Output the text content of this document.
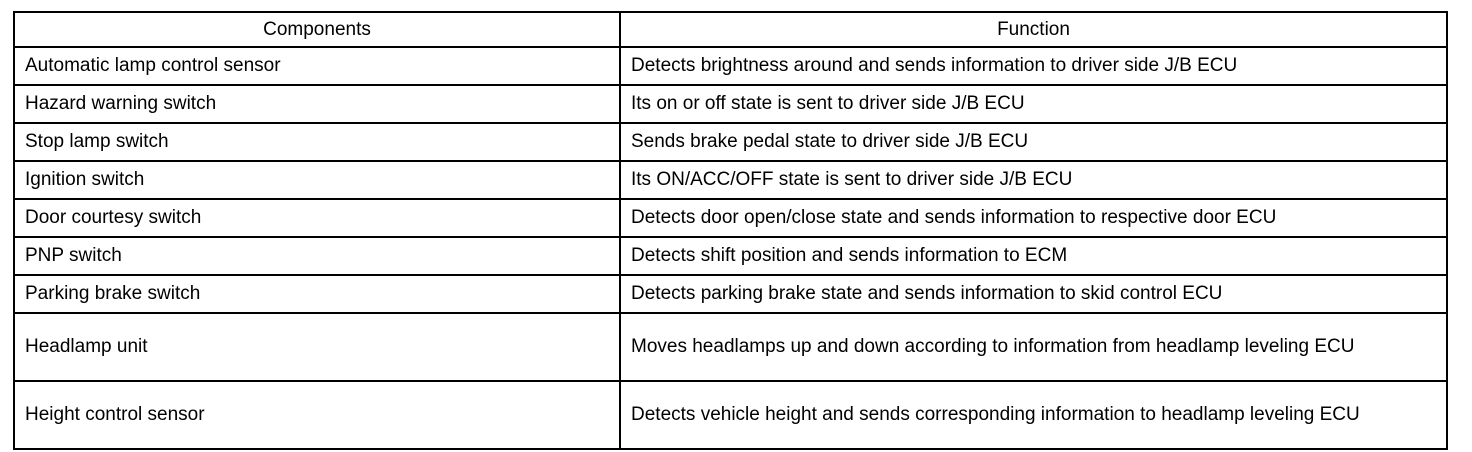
Components	Function
Automatic lamp control sensor	Detects brightness around and sends information to driver side J/B ECU
Hazard warning switch	Its on or off state is sent to driver side J/B ECU
Stop lamp switch	Sends brake pedal state to driver side J/B ECU
Ignition switch	Its ON/ACC/OFF state is sent to driver side J/B ECU
Door courtesy switch	Detects door open/close state and sends information to respective door ECU
PNP switch	Detects shift position and sends information to ECM
Parking brake switch	Detects parking brake state and sends information to skid control ECU
Headlamp unit	Moves headlamps up and down according to information from headlamp leveling ECU
Height control sensor	Detects vehicle height and sends corresponding information to headlamp leveling ECU
